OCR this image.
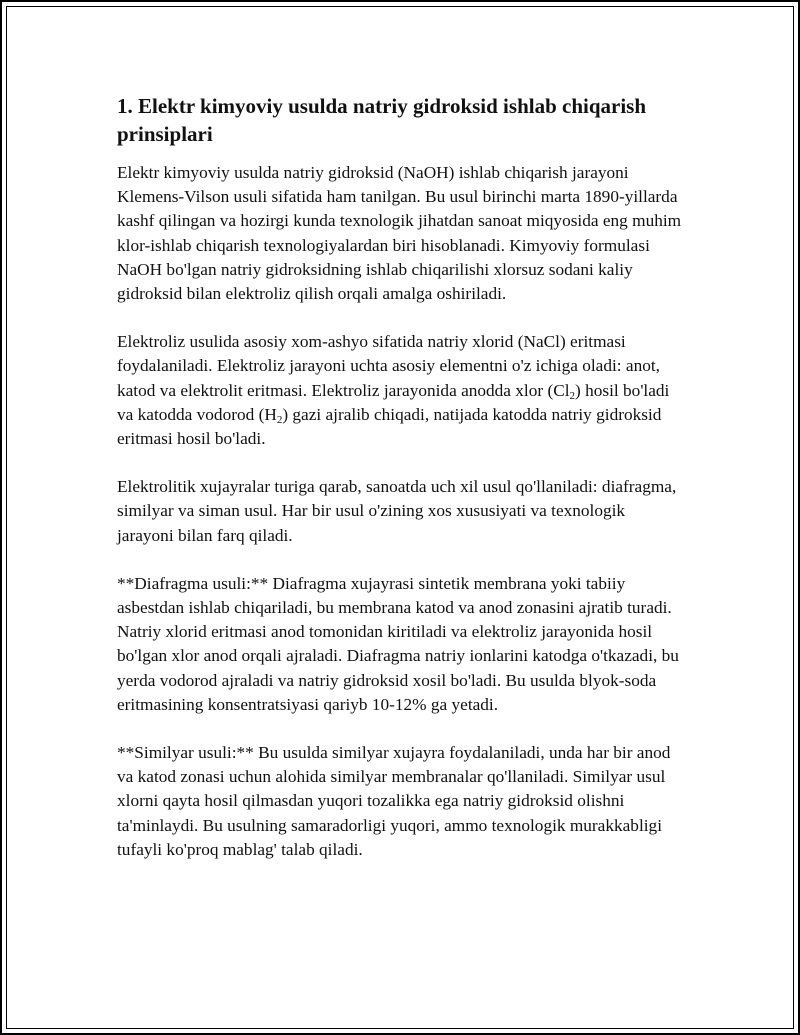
1. Elektr kimyoviy usulda natriy gidroksid ishlab chiqarish prinsiplari

Elektr kimyoviy usulda natriy gidroksid (NaOH) ishlab chiqarish jarayoni Klemens-Vilson usuli sifatida ham tanilgan. Bu usul birinchi marta 1890-yillarda kashf qilingan va hozirgi kunda texnologik jihatdan sanoat miqyosida eng muhim klor-ishlab chiqarish texnologiyalardan biri hisoblanadi. Kimyoviy formulasi NaOH bo'lgan natriy gidroksidning ishlab chiqarilishi xlorsuz sodani kaliy gidroksid bilan elektroliz qilish orqali amalga oshiriladi.

Elektroliz usulida asosiy xom-ashyo sifatida natriy xlorid (NaCl) eritmasi foydalaniladi. Elektroliz jarayoni uchta asosiy elementni o'z ichiga oladi: anot, katod va elektrolit eritmasi. Elektroliz jarayonida anodda xlor $(Cl_2)$ hosil bo'ladi va katodda vodorod $(H_2)$ gazi ajralib chiqadi, natijada katodda natriy gidroksid eritmasi hosil bo'ladi.

Elektrolitik xujayralar turiga qarab, sanoatda uch xil usul qo'llaniladi: diafragma, similyar va siman usul. Har bir usul o'zining xos xususiyati va texnologik jarayoni bilan farq qiladi.

**Diafragma usuli:** Diafragma xujayrasi sintetik membrana yoki tabiiy asbestdan ishlab chiqariladi, bu membrana katod va anod zonasini ajratib turadi. Natriy xlorid eritmasi anod tomonidan kiritiladi va elektroliz jarayonida hosil bo'lgan xlor anod orqali ajraladi. Diafragma natriy ionlarini katodga o'tkazadi, bu yerda vodorod ajraladi va natriy gidroksid xosil bo'ladi. Bu usulda blyok-soda eritmasining konsentratsiyasi qariyb 10-12% ga yetadi.

**Similyar usuli:** Bu usulda similyar xujayra foydalaniladi, unda har bir anod va katod zonasi uchun alohida similyar membranalar qo'llaniladi. Similyar usul xlorni qayta hosil qilmasdan yuqori tozalikka ega natriy gidroksid olishni ta'minlaydi. Bu usulning samaradorligi yuqori, ammo texnologik murakkabligi tufayli ko'proq mablag' talab qiladi.
